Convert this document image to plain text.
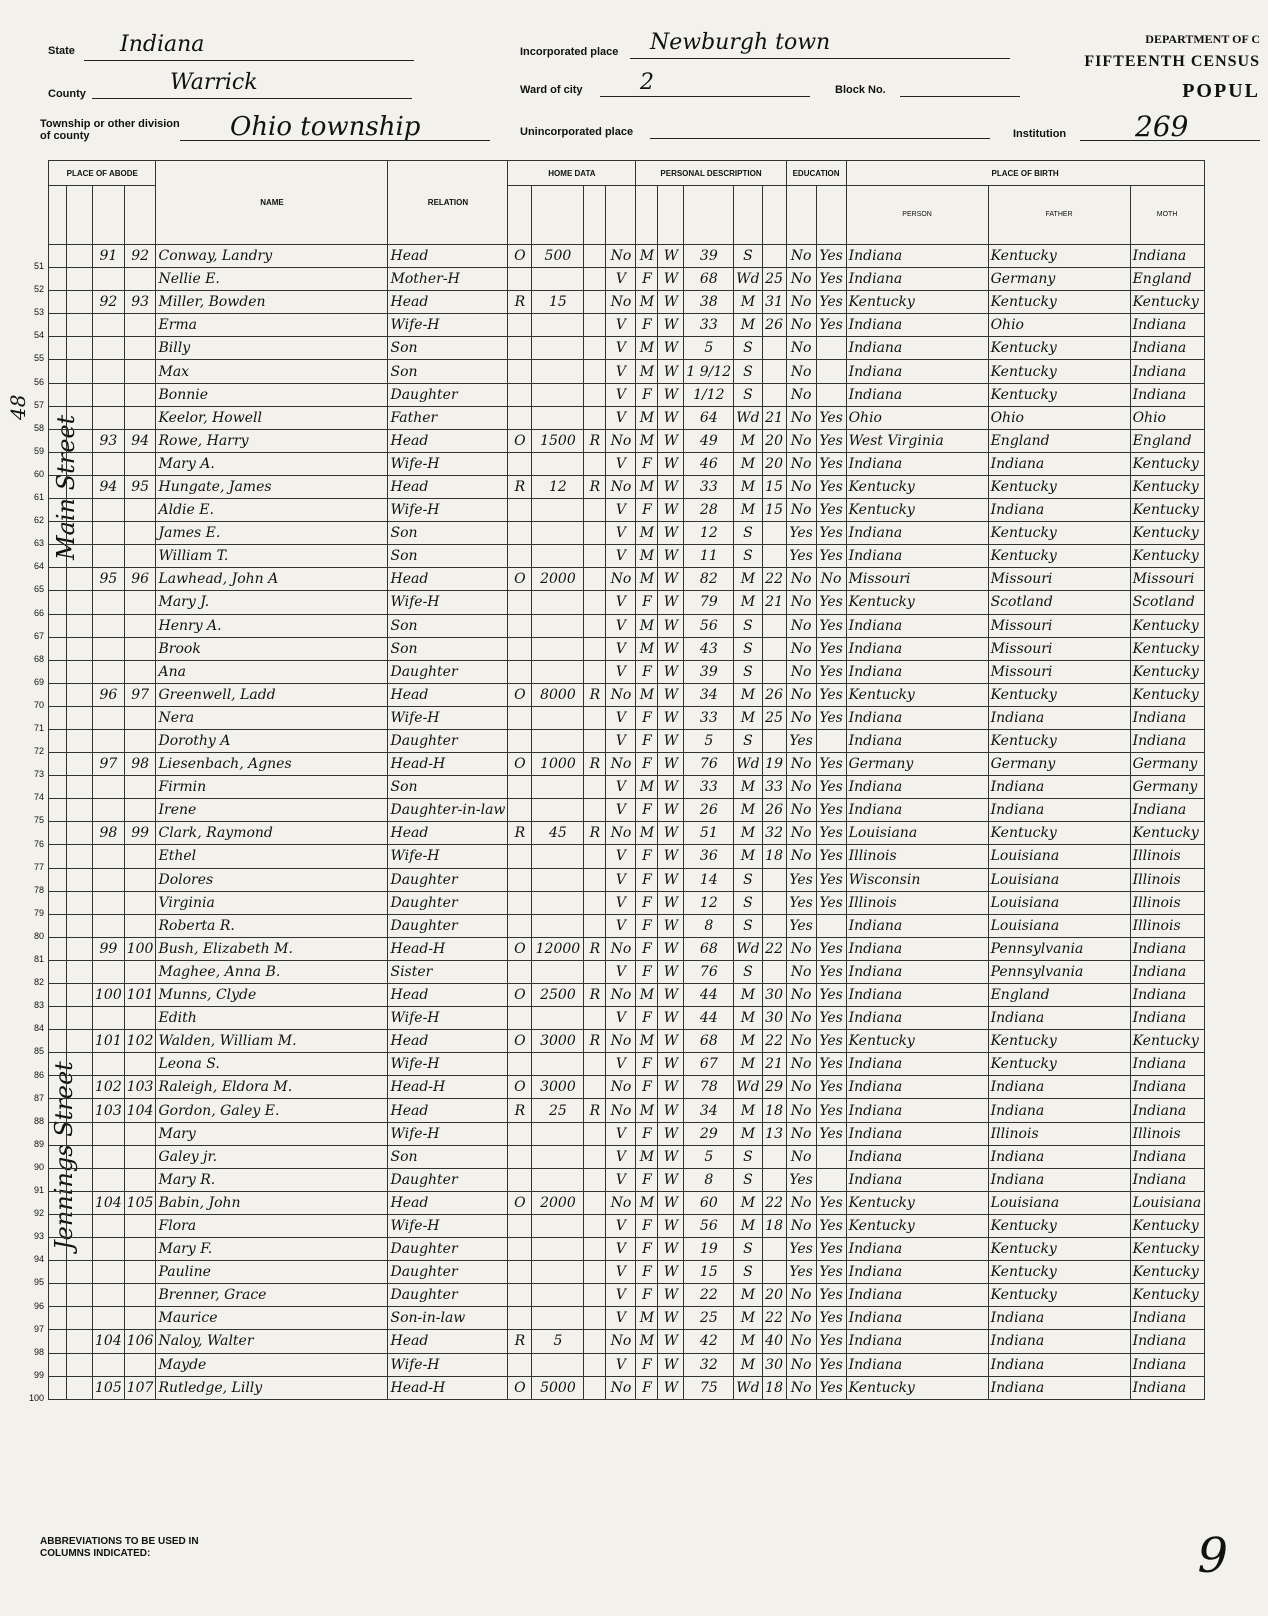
State Indiana
County	Warrick
Township or other division of county	Ohio township
Incorporated place Newburgh town
Ward of city	2	Block No.
Unincorporated place	Institution 269
DEPARTMENT OF C
FIFTEENTH CENSUS
POPUL
Main Street
Jennings Street
48
51
52
53
54
55
56
57
58
59
60
61
62
63
64
65
66
67
68
69
70
71
72
73
74
75
76
77
78
79
80
81
82
83
84
85
86
87
88
89
90
91
92
93
94
95
96
97
98
99
100
PLACE OF ABODE				NAME	RELATION	HOME DATA				PERSONAL DESCRIPTION					EDUCATION		PLACE OF BIRTH		
																	PERSON	FATHER	MOTH
		91	92	Conway, Landry	Head	O	500		No	M	W	39	S		No	Yes	Indiana	Kentucky	Indiana
				Nellie E.	Mother-H				V	F	W	68	Wd	25	No	Yes	Indiana	Germany	England
		92	93	Miller, Bowden	Head	R	15		No	M	W	38	M	31	No	Yes	Kentucky	Kentucky	Kentucky
				Erma	Wife-H				V	F	W	33	M	26	No	Yes	Indiana	Ohio	Indiana
				Billy	Son				V	M	W	5	S		No		Indiana	Kentucky	Indiana
				Max	Son				V	M	W	1 9/12	S		No		Indiana	Kentucky	Indiana
				Bonnie	Daughter				V	F	W	1/12	S		No		Indiana	Kentucky	Indiana
				Keelor, Howell	Father				V	M	W	64	Wd	21	No	Yes	Ohio	Ohio	Ohio
		93	94	Rowe, Harry	Head	O	1500	R	No	M	W	49	M	20	No	Yes	West Virginia	England	England
				Mary A.	Wife-H				V	F	W	46	M	20	No	Yes	Indiana	Indiana	Kentucky
		94	95	Hungate, James	Head	R	12	R	No	M	W	33	M	15	No	Yes	Kentucky	Kentucky	Kentucky
				Aldie E.	Wife-H				V	F	W	28	M	15	No	Yes	Kentucky	Indiana	Kentucky
				James E.	Son				V	M	W	12	S		Yes	Yes	Indiana	Kentucky	Kentucky
				William T.	Son				V	M	W	11	S		Yes	Yes	Indiana	Kentucky	Kentucky
		95	96	Lawhead, John A	Head	O	2000		No	M	W	82	M	22	No	No	Missouri	Missouri	Missouri
				Mary J.	Wife-H				V	F	W	79	M	21	No	Yes	Kentucky	Scotland	Scotland
				Henry A.	Son				V	M	W	56	S		No	Yes	Indiana	Missouri	Kentucky
				Brook	Son				V	M	W	43	S		No	Yes	Indiana	Missouri	Kentucky
				Ana	Daughter				V	F	W	39	S		No	Yes	Indiana	Missouri	Kentucky
		96	97	Greenwell, Ladd	Head	O	8000	R	No	M	W	34	M	26	No	Yes	Kentucky	Kentucky	Kentucky
				Nera	Wife-H				V	F	W	33	M	25	No	Yes	Indiana	Indiana	Indiana
				Dorothy A	Daughter				V	F	W	5	S		Yes		Indiana	Kentucky	Indiana
		97	98	Liesenbach, Agnes	Head-H	O	1000	R	No	F	W	76	Wd	19	No	Yes	Germany	Germany	Germany
				Firmin	Son				V	M	W	33	M	33	No	Yes	Indiana	Indiana	Germany
				Irene	Daughter-in-law				V	F	W	26	M	26	No	Yes	Indiana	Indiana	Indiana
		98	99	Clark, Raymond	Head	R	45	R	No	M	W	51	M	32	No	Yes	Louisiana	Kentucky	Kentucky
				Ethel	Wife-H				V	F	W	36	M	18	No	Yes	Illinois	Louisiana	Illinois
				Dolores	Daughter				V	F	W	14	S		Yes	Yes	Wisconsin	Louisiana	Illinois
				Virginia	Daughter				V	F	W	12	S		Yes	Yes	Illinois	Louisiana	Illinois
				Roberta R.	Daughter				V	F	W	8	S		Yes		Indiana	Louisiana	Illinois
		99	100	Bush, Elizabeth M.	Head-H	O	12000	R	No	F	W	68	Wd	22	No	Yes	Indiana	Pennsylvania	Indiana
				Maghee, Anna B.	Sister				V	F	W	76	S		No	Yes	Indiana	Pennsylvania	Indiana
		100	101	Munns, Clyde	Head	O	2500	R	No	M	W	44	M	30	No	Yes	Indiana	England	Indiana
				Edith	Wife-H				V	F	W	44	M	30	No	Yes	Indiana	Indiana	Indiana
		101	102	Walden, William M.	Head	O	3000	R	No	M	W	68	M	22	No	Yes	Kentucky	Kentucky	Kentucky
				Leona S.	Wife-H				V	F	W	67	M	21	No	Yes	Indiana	Kentucky	Indiana
		102	103	Raleigh, Eldora M.	Head-H	O	3000		No	F	W	78	Wd	29	No	Yes	Indiana	Indiana	Indiana
		103	104	Gordon, Galey E.	Head	R	25	R	No	M	W	34	M	18	No	Yes	Indiana	Indiana	Indiana
				Mary	Wife-H				V	F	W	29	M	13	No	Yes	Indiana	Illinois	Illinois
				Galey jr.	Son				V	M	W	5	S		No		Indiana	Indiana	Indiana
				Mary R.	Daughter				V	F	W	8	S		Yes		Indiana	Indiana	Indiana
		104	105	Babin, John	Head	O	2000		No	M	W	60	M	22	No	Yes	Kentucky	Louisiana	Louisiana
				Flora	Wife-H				V	F	W	56	M	18	No	Yes	Kentucky	Kentucky	Kentucky
				Mary F.	Daughter				V	F	W	19	S		Yes	Yes	Indiana	Kentucky	Kentucky
				Pauline	Daughter				V	F	W	15	S		Yes	Yes	Indiana	Kentucky	Kentucky
				Brenner, Grace	Daughter				V	F	W	22	M	20	No	Yes	Indiana	Kentucky	Kentucky
				Maurice	Son-in-law				V	M	W	25	M	22	No	Yes	Indiana	Indiana	Indiana
		104	106	Naloy, Walter	Head	R	5		No	M	W	42	M	40	No	Yes	Indiana	Indiana	Indiana
				Mayde	Wife-H				V	F	W	32	M	30	No	Yes	Indiana	Indiana	Indiana
		105	107	Rutledge, Lilly	Head-H	O	5000		No	F	W	75	Wd	18	No	Yes	Kentucky	Indiana	Indiana
ABBREVIATIONS TO BE USED IN COLUMNS INDICATED:	9
